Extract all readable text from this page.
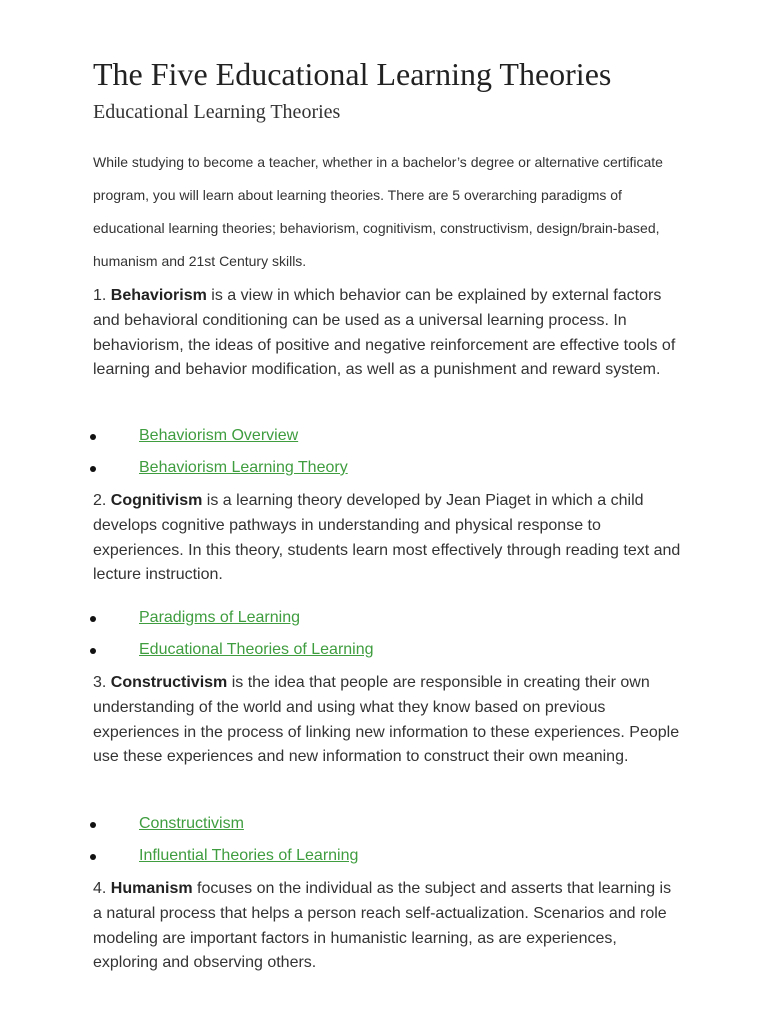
The Five Educational Learning Theories
Educational Learning Theories

While studying to become a teacher, whether in a bachelor’s degree or alternative certificate program, you will learn about learning theories. There are 5 overarching paradigms of educational learning theories; behaviorism, cognitivism, constructivism, design/brain-based, humanism and 21st Century skills.

1. Behaviorism is a view in which behavior can be explained by external factors and behavioral conditioning can be used as a universal learning process. In behaviorism, the ideas of positive and negative reinforcement are effective tools of learning and behavior modification, as well as a punishment and reward system.

Behaviorism Overview
Behaviorism Learning Theory

2. Cognitivism is a learning theory developed by Jean Piaget in which a child develops cognitive pathways in understanding and physical response to experiences. In this theory, students learn most effectively through reading text and lecture instruction.

Paradigms of Learning
Educational Theories of Learning

3. Constructivism is the idea that people are responsible in creating their own understanding of the world and using what they know based on previous experiences in the process of linking new information to these experiences. People use these experiences and new information to construct their own meaning.

Constructivism
Influential Theories of Learning

4. Humanism focuses on the individual as the subject and asserts that learning is a natural process that helps a person reach self-actualization. Scenarios and role modeling are important factors in humanistic learning, as are experiences, exploring and observing others.
